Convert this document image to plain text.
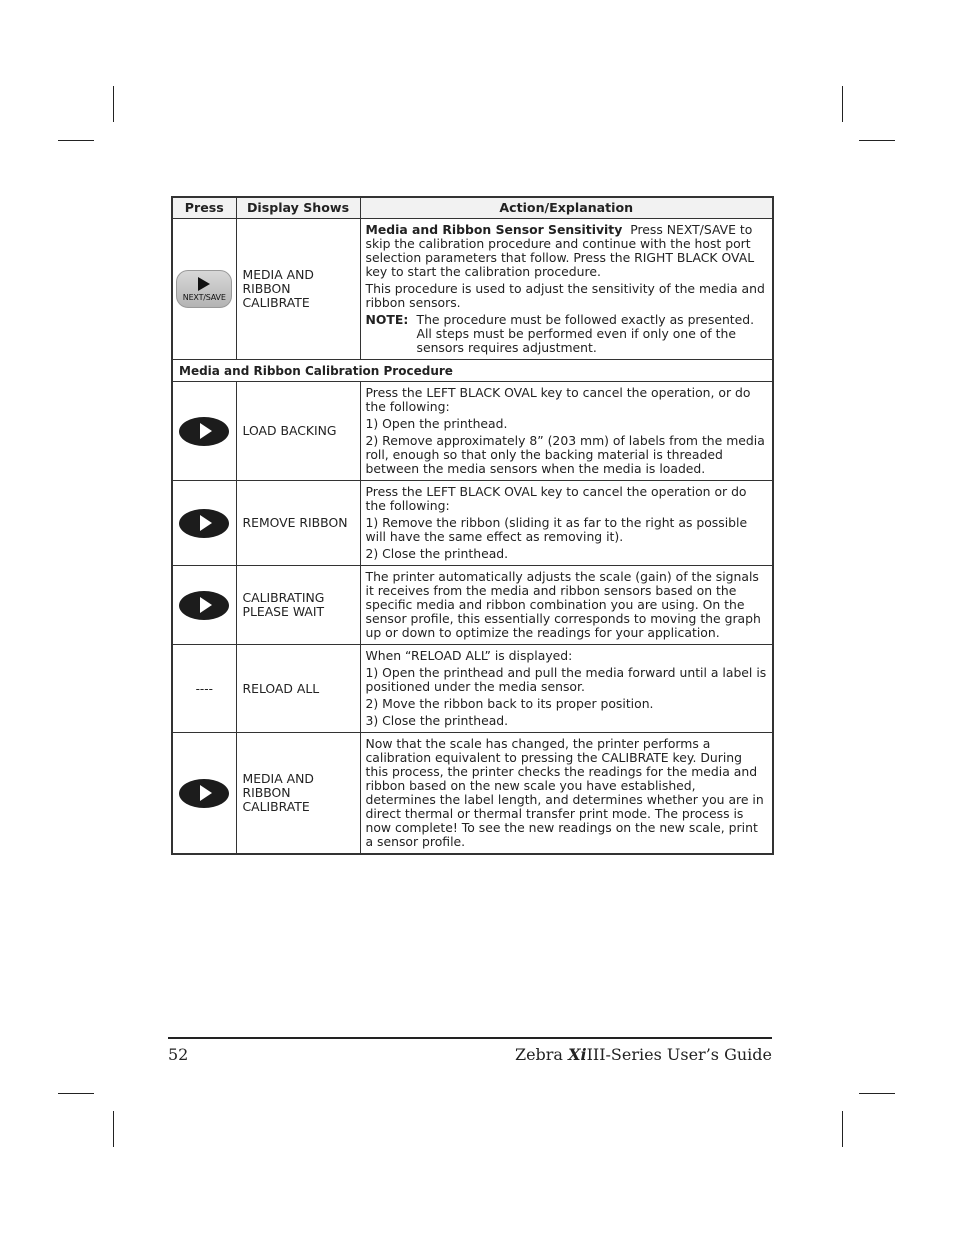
Press	Display Shows	Action/Explanation

NEXT/SAVE	MEDIA AND RIBBON CALIBRATE	Media and Ribbon Sensor Sensitivity Press NEXT/SAVE to skip the calibration procedure and continue with the host port selection parameters that follow. Press the RIGHT BLACK OVAL key to start the calibration procedure.

This procedure is used to adjust the sensitivity of the media and ribbon sensors.

NOTE: The procedure must be followed exactly as presented. All steps must be performed even if only one of the sensors requires adjustment.

Media and Ribbon Calibration Procedure		

	LOAD BACKING	Press the LEFT BLACK OVAL key to cancel the operation, or do the following:

1) Open the printhead.

2) Remove approximately 8” (203 mm) of labels from the media roll, enough so that only the backing material is threaded between the media sensors when the media is loaded.

	REMOVE RIBBON	Press the LEFT BLACK OVAL key to cancel the operation or do the following:

1) Remove the ribbon (sliding it as far to the right as possible will have the same effect as removing it).

2) Close the printhead.

	CALIBRATING PLEASE WAIT	The printer automatically adjusts the scale (gain) of the signals it receives from the media and ribbon sensors based on the specific media and ribbon combination you are using. On the sensor profile, this essentially corresponds to moving the graph up or down to optimize the readings for your application.

----	RELOAD ALL	When “RELOAD ALL” is displayed:

1) Open the printhead and pull the media forward until a label is positioned under the media sensor.

2) Move the ribbon back to its proper position.

3) Close the printhead.

	MEDIA AND RIBBON CALIBRATE	Now that the scale has changed, the printer performs a calibration equivalent to pressing the CALIBRATE key. During this process, the printer checks the readings for the media and ribbon based on the new scale you have established, determines the label length, and determines whether you are in direct thermal or thermal transfer print mode. The process is now complete! To see the new readings on the new scale, print a sensor profile.

52	Zebra XiIII-Series User’s Guide
